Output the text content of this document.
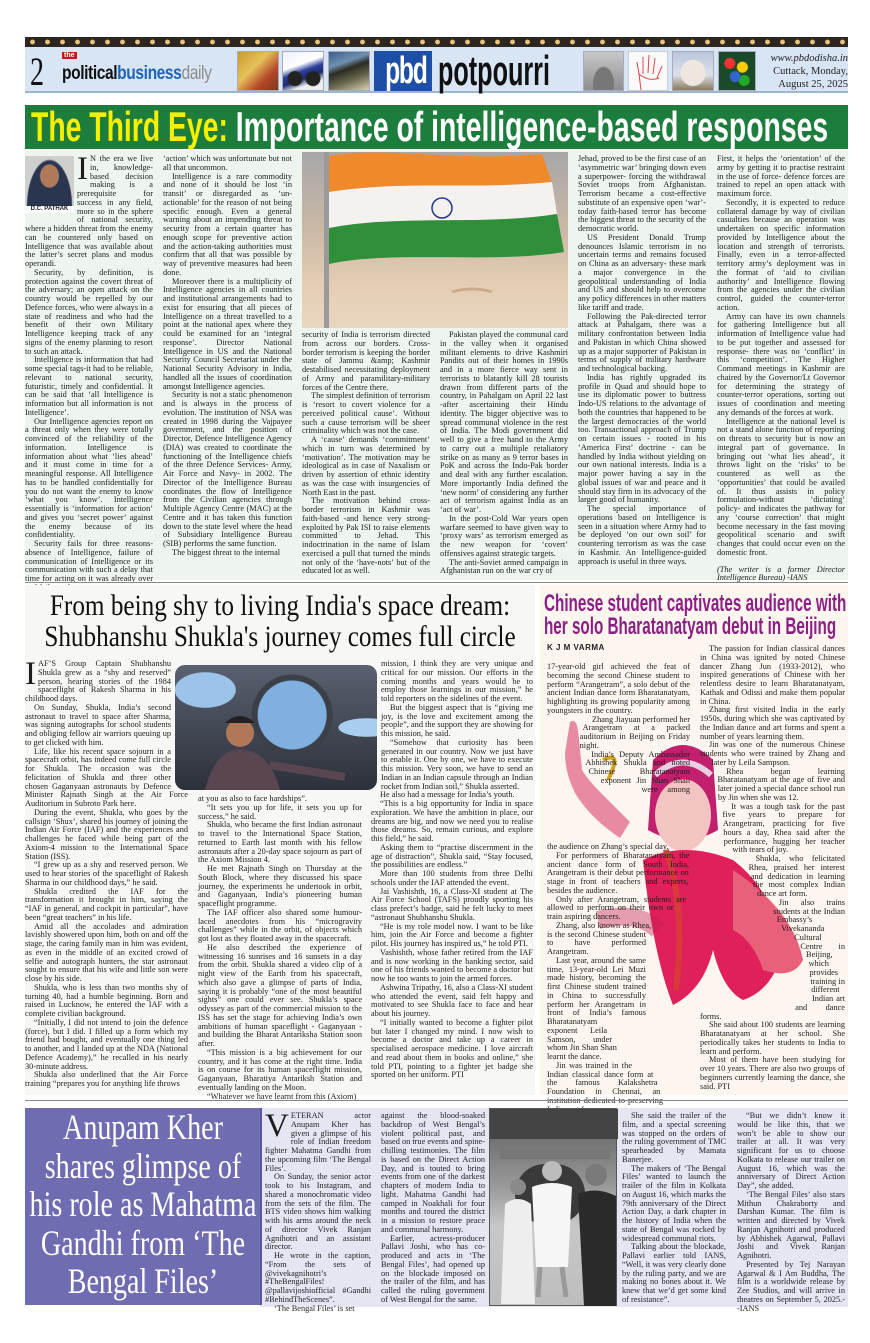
2	the
politicalbusinessdaily	pbd potpourri	www.pbdodisha.in
Cuttack, Monday,
August 25, 2025
The Third Eye: Importance of intelligence-based responses
D.C. PATHAK

IN the era we live in, knowledge-based decision making is a prerequisite for success in any field, more so in the sphere of national security, where a hidden threat from the enemy can be countered only based on Intelligence that was available about the latter’s secret plans and modus operandi.

Security, by definition, is protection against the covert threat of the adversary; an open attack on the country would be repelled by our Defence forces, who were always in a state of readiness and who had the benefit of their own Military Intelligence keeping track of any signs of the enemy planning to resort to such an attack.

Intelligence is information that had some special tags-it had to be reliable, relevant to national security, futuristic, timely and confidential. It can be said that ‘all Intelligence is information but all information is not Intelligence’.

Our Intelligence agencies report on a threat only when they were totally convinced of the reliability of the information. Intelligence is information about what ‘lies ahead’ and it must come in time for a meaningful response. All Intelligence has to be handled confidentially for you do not want the enemy to know ‘what you know’. Intelligence essentially is ‘information for action’ and gives you ‘secret power’ against the enemy because of its confidentiality.

Security fails for three reasons-absence of Intelligence, failure of communication of Intelligence or its communication with such a delay that time for acting on it was already over

‘action’ which was unfortunate but not all that uncommon.

Intelligence is a rare commodity and none of it should be lost ‘in transit’ or disregarded as ‘un-actionable’ for the reason of not being specific enough. Even a general warning about an impending threat to security from a certain quarter has enough scope for preventive action and the action-taking authorities must confirm that all that was possible by way of preventive measures had been done.

Moreover there is a multiplicity of Intelligence agencies in all countries and institutional arrangements had to exist for ensuring that all pieces of Intelligence on a threat travelled to a point at the national apex where they could be examined for an ‘integral response’. Director National Intelligence in US and the National Security Council Secretariat under the National Security Advisory in India, handled all the issues of coordination amongst Intelligence agencies.

Security is not a static phenomenon and is always in the process of evolution. The institution of NSA was created in 1998 during the Vajpayee government, and the position of Director, Defence Intelligence Agency (DIA) was created to coordinate the functioning of the Intelligence chiefs of the three Defence Services- Army, Air Force and Navy- in 2002. The Director of the Intelligence Bureau coordinates the flow of Intelligence from the Civilian agencies through Multiple Agency Centre (MAC) at the Centre and it has taken this function down to the state level where the head of Subsidiary Intelligence Bureau (SIB) performs the same function.

The biggest threat to the internal

security of India is terrorism directed from across our borders. Cross- border terrorism is keeping the border state of Jammu &amp; Kashmir destabilised necessitating deployment of Army and paramilitary-military forces of the Centre there.

The simplest definition of terrorism is ‘resort to covert violence for a perceived political cause’. Without such a cause terrorism will be sheer criminality which was not the case.

A ‘cause’ demands ‘commitment’ which in turn was determined by ‘motivation’. The motivation may be ideological as in case of Naxalism or driven by assertion of ethnic identity as was the case with insurgencies of North East in the past.

The motivation behind cross-border terrorism in Kashmir was faith-based -and hence very strong-exploited by Pak ISI to raise elements committed to Jehad. This indoctrination in the name of Islam exercised a pull that turned the minds not only of the ‘have-nots’ but of the educated lot as well.

Pakistan played the communal card in the valley when it organised militant elements to drive Kashmiri Pandits out of their homes in 1990s and in a more fierce way sent in terrorists to blatantly kill 28 tourists drawn from different parts of the country, in Pahalgam on April 22 last -after ascertaining their Hindu identity. The bigger objective was to spread communal violence in the rest of India. The Modi government did well to give a free hand to the Army to carry out a multiple retaliatory strike on as many as 9 terror bases in PoK and across the Indo-Pak border and deal with any further escalation. More importantly India defined the ‘new norm’ of considering any further act of terrorism against India as an ‘act of war’.

In the post-Cold War years open warfare seemed to have given way to ‘proxy wars’ as terrorism emerged as the new weapon for ‘covert’ offensives against strategic targets.

The anti-Soviet armed campaign in Afghanistan run on the war cry of

Jehad, proved to be the first case of an ‘asymmetric war’ bringing down even a superpower- forcing the withdrawal Soviet troops from Afghanistan. Terrorism became a cost-effective substitute of an expensive open ‘war’- today faith-based terror has become the biggest threat to the security of the democratic world.

US President Donald Trump denounces Islamic terrorism in no uncertain terms and remains focused on China as an adversary- these mark a major convergence in the geopolitical understanding of India and US and should help to overcome any policy differences in other matters like tariff and trade.

Following the Pak-directed terror attack at Pahalgam, there was a military confrontation between India and Pakistan in which China showed up as a major supporter of Pakistan in terms of supply of military hardware and technological backing.

India has rightly upgraded its profile in Quad and should hope to use its diplomatic power to buttress Indo-US relations to the advantage of both the countries that happened to be the largest democracies of the world too. Transactional approach of Trump on certain issues - rooted in his ‘America First’ doctrine - can be handled by India without yielding on our own national interests. India is a major power having a say in the global issues of war and peace and it should stay firm in its advocacy of the larger good of humanity.

The special importance of operations based on Intelligence is seen in a situation where Army had to be deployed ‘on our own soil’ for countering terrorism as was the case in Kashmir. An Intelligence-guided approach is useful in three ways.

First, it helps the ‘orientation’ of the army by getting it to practise restraint in the use of force- defence forces are trained to repel an open attack with maximum force.

Secondly, it is expected to reduce collateral damage by way of civilian casualties because an operation was undertaken on specific information provided by Intelligence about the location and strength of terrorists. Finally, even in a terror-affected territory army’s deployment was in the format of ‘aid to civilian authority’ and Intelligence flowing from the agencies under the civilian control, guided the counter-terror action.

Army can have its own channels for gathering Intelligence but all information of Intelligence value had to be put together and assessed for response- there was no ‘conflict’ in this ‘competition’. The Higher Command meetings in Kashmir are chaired by the Governor/Lt Governor for determining the strategy of counter-terror operations, sorting out issues of coordination and meeting any demands of the forces at work.

Intelligence at the national level is not a stand alone function of reporting on threats to security but is now an integral part of governance. In bringing out ‘what lies ahead’, it throws light on the ‘risks’ to be countered as well as the ‘opportunities’ that could be availed of. It thus assists in policy formulation-without ‘dictating’ policy- and indicates the pathway for any ‘course correction’ that might become necessary in the fast moving geopolitical scenario and swift changes that could occur even on the domestic front.

(The writer is a former Director Intelligence Bureau) -IANS

From being shy to living India's space dream:
Shubhanshu Shukla's journey comes full circle

IAF’S Group Captain Shubhanshu Shukla grew as a “shy and reserved” person, hearing stories of the 1984 spaceflight of Rakesh Sharma in his childhood days.

On Sunday, Shukla, India’s second astronaut to travel to space after Sharma, was signing autographs for school students and obliging fellow air warriors queuing up to get clicked with him.

Life, like his recent space sojourn in a spacecraft orbit, has indeed come full circle for Shukla. The occasion was the felicitation of Shukla and three other chosen Gaganyaan astronauts by Defence Minister Rajnath Singh at the Air Force Auditorium in Subroto Park here.

During the event, Shukla, who goes by the callsign ‘Shux’, shared his journey of joining the Indian Air Force (IAF) and the experiences and challenges he faced while being part of the Axiom-4 mission to the International Space Station (ISS).

“I grew up as a shy and reserved person. We used to hear stories of the spaceflight of Rakesh Sharma in our childhood days,” he said.

Shukla credited the IAF for the transformation it brought in him, saying the “IAF in general, and cockpit in particular”, have been “great teachers” in his life.

Amid all the accolades and admiration lavishly showered upon him, both on and off the stage, the caring family man in him was evident, as even in the middle of an excited crowd of selfie and autograph hunters, the star astronaut sought to ensure that his wife and little son were close by his side.

Shukla, who is less than two months shy of turning 40, had a humble beginning. Born and raised in Lucknow, he entered the IAF with a complete civilian background.

“Initially, I did not intend to join the defence (force), but I did. I filled up a form which my friend had bought, and eventually one thing led to another, and I landed up at the NDA (National Defence Academy),” he recalled in his nearly 30-minute address.

Shukla also underlined that the Air Force training “prepares you for anything life throws

at you as also to face hardships”.

“It sets you up for life, it sets you up for success,” he said.

Shukla, who became the first Indian astronaut to travel to the International Space Station, returned to Earth last month with his fellow astronauts after a 20-day space sojourn as part of the Axiom Mission 4.

He met Rajnath Singh on Thursday at the South Block, where they discussed his space journey, the experiments he undertook in orbit, and Gaganyaan, India’s pioneering human spaceflight programme.

The IAF officer also shared some humour-laced anecdotes from his “microgravity challenges” while in the orbit, of objects which got lost as they floated away in the spacecraft.

He also described the experience of witnessing 16 sunrises and 16 sunsets in a day from the orbit. Shukla shared a video clip of a night view of the Earth from his spacecraft, which also gave a glimpse of parts of India, saying it is probably “one of the most beautiful sights” one could ever see. Shukla’s space odyssey as part of the commercial mission to the ISS has set the stage for achieving India’s own ambitions of human spaceflight - Gaganyaan - and building the Bharat Antariksha Station soon after.

“This mission is a big achievement for our country, and it has come at the right time. India is on course for its human spaceflight mission, Gaganyaan, Bharatiya Antariksh Station and eventually landing on the Moon.

“Whatever we have learnt from this (Axiom)

mission, I think they are very unique and critical for our mission. Our efforts in the coming months and years would be to employ those learnings in our mission,” he told reporters on the sidelines of the event.

But the biggest aspect that is “giving me joy, is the love and excitement among the people”, and the support they are showing for this mission, he said.

“Somehow that curiosity has been generated in our country. Now we just have to enable it. One by one, we have to execute this mission. Very soon, we have to send an Indian in an Indian capsule through an Indian rocket from Indian soil,” Shukla asserted.

He also had a message for India’s youth.

“This is a big opportunity for India in space exploration. We have the ambition in place, our dreams are big, and now we need you to realise those dreams. So, remain curious, and explore this field,” he said.

Asking them to “practise discernment in the age of distraction”, Shukla said, “Stay focused, the possibilities are endless.”

More than 100 students from three Delhi schools under the IAF attended the event.

Jai Vashishth, 16, a Class-XI student at The Air Force School (TAFS) proudly sporting his class prefect’s badge, said he felt lucky to meet “astronaut Shubhanshu Shukla.

“He is my role model now. I want to be like him, join the Air Force and become a fighter pilot. His journey has inspired us,” he told PTI.

Vashishth, whose father retired from the IAF and is now working in the banking sector, said one of his friends wanted to become a doctor but now he too wants to join the armed forces.

Ashwina Tripathy, 16, also a Class-XI student who attended the event, said felt happy and motivated to see Shukla face to face and hear about his journey.

“I initially wanted to become a fighter pilot but later I changed my mind. I now wish to become a doctor and take up a career in specialised aerospace medicine. I love aircraft and read about them in books and online,” she told PTI, pointing to a fighter jet badge she sported on her uniform. PTI

Chinese student captivates audience with
her solo Bharatanatyam debut in Beijing
K J M VARMA

17-year-old girl achieved the feat of becoming the second Chinese student to perform “Arangetram”, a solo debut of the ancient Indian dance form Bharatanatyam, highlighting its growing popularity among youngsters in the country.

Zhang Jiayuan performed her Arangetram at a packed auditorium in Beijing on Friday night.

India’s Deputy Ambassador Abhishek Shukla and noted Chinese Bharatanatyam exponent Jin Shan Shan were among the audience on Zhang’s special day.

For performers of Bharatanatyam, the ancient dance form of South India, Arangetram is their debut performance on stage in front of teachers and experts, besides the audience.

Only after Arangetram, students are allowed to perform on their own or train aspiring dancers.

Zhang, also known as Rhea, is the second Chinese student to have performed Arangetram.

Last year, around the same time, 13-year-old Lei Muzi made history, becoming the first Chinese student trained in China to successfully perform her Arangetram in front of India’s famous Bharatanatyam exponent Leila Samson, under whom Jin Shan Shan learnt the dance.

Jin was trained in the Indian classical dance form at the famous Kalakshetra Foundation in Chennai, an institution dedicated to preserving

The passion for Indian classical dances in China was ignited by noted Chinese dancer Zhang Jun (1933-2012), who inspired generations of Chinese with her relentless desire to learn Bharatanatyam, Kathak and Odissi and make them popular in China.

Zhang first visited India in the early 1950s, during which she was captivated by the Indian dance and art forms and spent a number of years learning them.

Jin was one of the numerous Chinese students who were trained by Zhang and later by Leila Sampson.

Rhea began learning Bharatanatyam at the age of five and later joined a special dance school run by Jin when she was 12.

It was a tough task for the past five years to prepare for Arangetram, practicing for five hours a day, Rhea said after the performance, hugging her teacher with tears of joy.

Shukla, who felicitated Rhea, praised her interest and dedication in learning the most complex Indian dance art form.

Jin also trains students at the Indian Embassy’s Vivekananda Cultural Centre in Beijing, which provides training in different Indian art and dance forms.

She said about 100 students are learning Bharatanatyam at her school. She periodically takes her students to India to learn and perform.

Most of them have been studying for over 10 years. There are also two groups of beginners currently learning the dance, she said. PTI

Anupam Kher
shares glimpse of
his role as Mahatma
Gandhi from ‘The
Bengal Files’

VETERAN actor Anupam Kher has given a glimpse of his role of Indian freedom fighter Mahatma Gandhi from the upcoming film ‘The Bengal Files’.

On Sunday, the senior actor took to his Instagram, and shared a monochromatic video from the sets of the film. The BTS video shows him walking with his arms around the neck of director Vivek Ranjan Agnihotri and an assistant director.

He wrote in the caption, “From the sets of @vivekagnihotri’s #TheBengalFiles! @pallavijoshiofficial #Gandhi #BehindTheScenes”.

‘The Bengal Files’ is set

against the blood-soaked backdrop of West Bengal’s violent political past, and based on true events and spine-chilling testimonies. The film is based on the Direct Action Day, and is touted to bring events from one of the darkest chapters of modern India to light. Mahatma Gandhi had camped in Noakhali for four months and toured the district in a mission to restore peace and communal harmony.

Earlier, actress-producer Pallavi Joshi, who has co-produced and acts in ‘The Bengal Files’, had opened up on the blockade imposed on the trailer of the film, and has called the ruling government of West Bengal for the same.

She said the trailer of the film, and a special screening was stopped on the orders of the ruling government of TMC spearheaded by Mamata Banerjee.

The makers of ‘The Bengal Files’ wanted to launch the trailer of the film in Kolkata on August 16, which marks the 79th anniversary of the Direct Action Day, a dark chapter in the history of India when the state of Bengal was rocked by widespread communal riots.

Talking about the blockade, Pallavi earlier told IANS, “Well, it was very clearly done by the ruling party, and we are making no bones about it. We knew that we’d get some kind of resistance”.

“But we didn’t know it would be like this, that we won’t be able to show our trailer at all. It was very significant for us to choose Kolkata to release our trailer on August 16, which was the anniversary of Direct Action Day”, she added.

‘The Bengal Files’ also stars Mithun Chakraborty and Darshan Kumar. The film is written and directed by Vivek Ranjan Agnihotri and produced by Abhishek Agarwal, Pallavi Joshi and Vivek Ranjan Agnihotri.

Presented by Tej Narayan Agarwal & I Am Buddha, The film is a worldwide release by Zee Studios, and will arrive in theatres on September 5, 2025.--IANS
